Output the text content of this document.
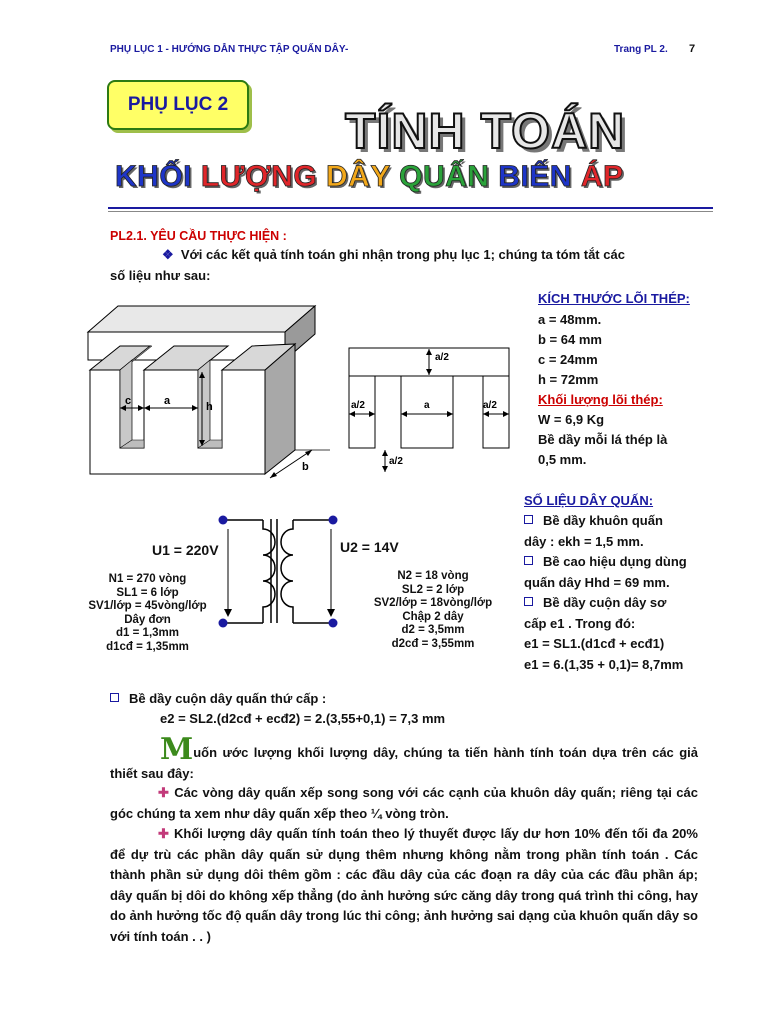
PHỤ LỤC 1 - HƯỚNG DẪN THỰC TẬP QUẤN DÂY-	Trang PL 2. 7
PHỤ LỤC 2	TÍNH TOÁN
KHỐI LƯỢNG DÂY QUẤN BIẾN ÁP
PL2.1. YÊU CẦU THỰC HIỆN :
❖ Với các kết quả tính toán ghi nhận trong phụ lục 1; chúng ta tóm tắt các
số liệu như sau:
c	a	h
b
a/2
a/2	a	a/2
a/2
KÍCH THƯỚC LÕI THÉP:
a = 48mm.
b = 64 mm
c = 24mm
h = 72mm
Khối lượng lõi thép:
W = 6,9 Kg
Bề dầy mỗi lá thép là
0,5 mm.
U1 = 220V	U2 = 14V
N1 = 270 vòng
SL1 = 6 lớp
SV1/lớp = 45vòng/lớp
Dây đơn
d1 = 1,3mm
d1cđ = 1,35mm
N2 = 18 vòng
SL2 = 2 lớp
SV2/lớp = 18vòng/lớp
Chập 2 dây
d2 = 3,5mm
d2cđ = 3,55mm
SỐ LIỆU DÂY QUẤN:
Bề dầy khuôn quấn
dây : ekh = 1,5 mm.
Bề cao hiệu dụng dùng
quấn dây Hhd = 69 mm.
Bề dầy cuộn dây sơ
cấp e1 . Trong đó:
e1 = SL1.(d1cđ + ecđ1)
e1 = 6.(1,35 + 0,1)= 8,7mm
Bề dầy cuộn dây quấn thứ cấp :
e2 = SL2.(d2cđ + ecđ2) = 2.(3,55+0,1) = 7,3 mm
Muốn ước lượng khối lượng dây, chúng ta tiến hành tính toán dựa trên các giả thiết sau đây:
✚ Các vòng dây quấn xếp song song với các cạnh của khuôn dây quấn; riêng tại các góc chúng ta xem như dây quấn xếp theo ¼ vòng tròn.
✚ Khối lượng dây quấn tính toán theo lý thuyết được lấy dư hơn 10% đến tối đa 20% để dự trù các phần dây quấn sử dụng thêm nhưng không nằm trong phần tính toán . Các thành phần sử dụng dôi thêm gồm : các đầu dây của các đoạn ra dây của các đầu phần áp; dây quấn bị dôi do không xếp thẳng (do ảnh hưởng sức căng dây trong quá trình thi công, hay do ảnh hưởng tốc độ quấn dây trong lúc thi công; ảnh hưởng sai dạng của khuôn quấn dây so với tính toán . . )
